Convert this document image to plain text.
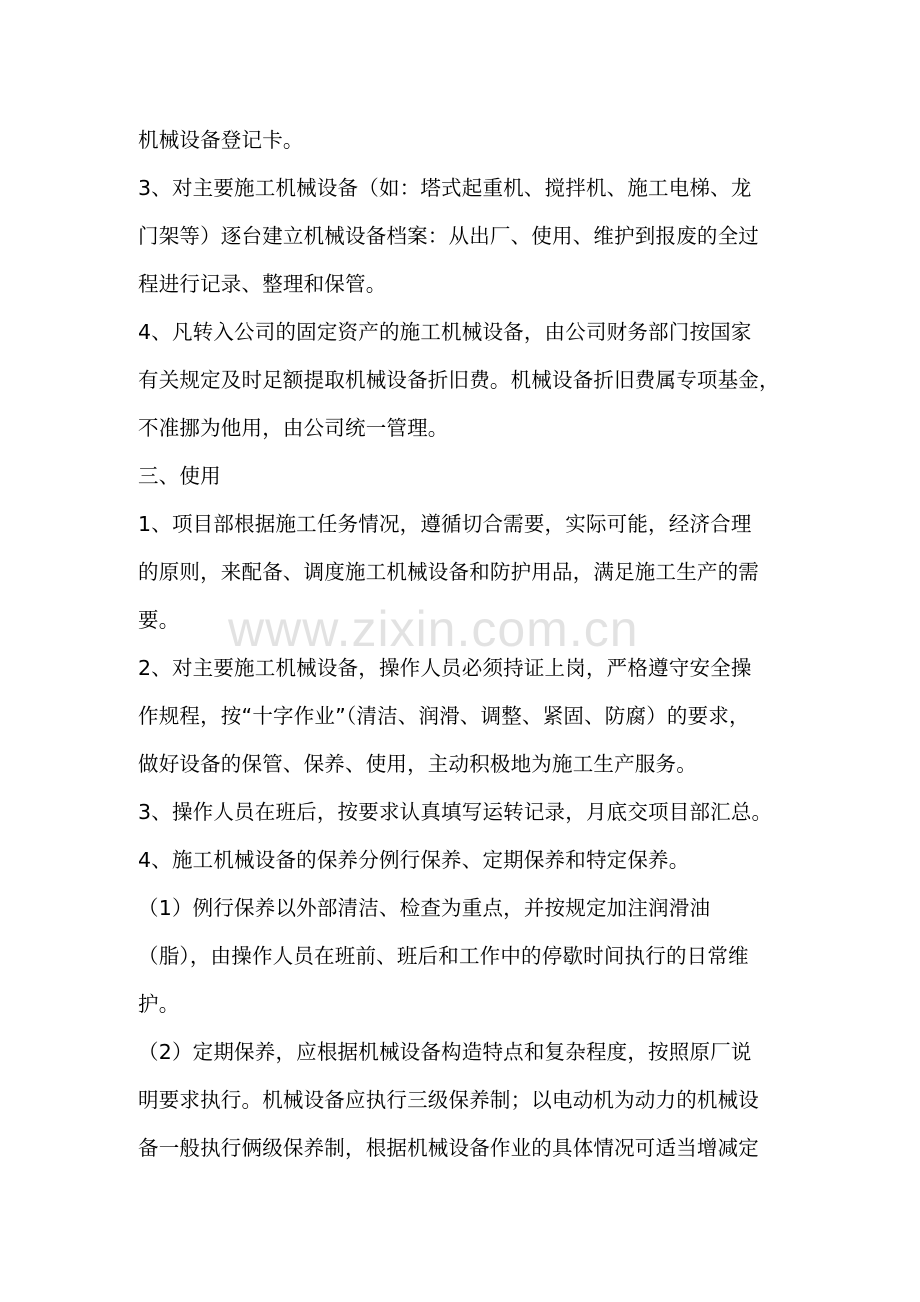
机械设备登记卡。
3、对主要施工机械设备（如：塔式起重机、搅拌机、施工电梯、龙
门架等）逐台建立机械设备档案：从出厂、使用、维护到报废的全过
程进行记录、整理和保管。
4、凡转入公司的固定资产的施工机械设备，由公司财务部门按国家
有关规定及时足额提取机械设备折旧费。机械设备折旧费属专项基金，
不准挪为他用，由公司统一管理。
三、使用
1、项目部根据施工任务情况，遵循切合需要，实际可能，经济合理
的原则，来配备、调度施工机械设备和防护用品，满足施工生产的需
要。
2、对主要施工机械设备，操作人员必须持证上岗，严格遵守安全操
作规程，按“十字作业”（清洁、润滑、调整、紧固、防腐）的要求，
做好设备的保管、保养、使用，主动积极地为施工生产服务。
3、操作人员在班后，按要求认真填写运转记录，月底交项目部汇总。
4、施工机械设备的保养分例行保养、定期保养和特定保养。
（1）例行保养以外部清洁、检查为重点，并按规定加注润滑油
（脂），由操作人员在班前、班后和工作中的停歇时间执行的日常维
护。
（2）定期保养，应根据机械设备构造特点和复杂程度，按照原厂说
明要求执行。机械设备应执行三级保养制；以电动机为动力的机械设
备一般执行俩级保养制，根据机械设备作业的具体情况可适当增减定
www.zixin.com.cn
